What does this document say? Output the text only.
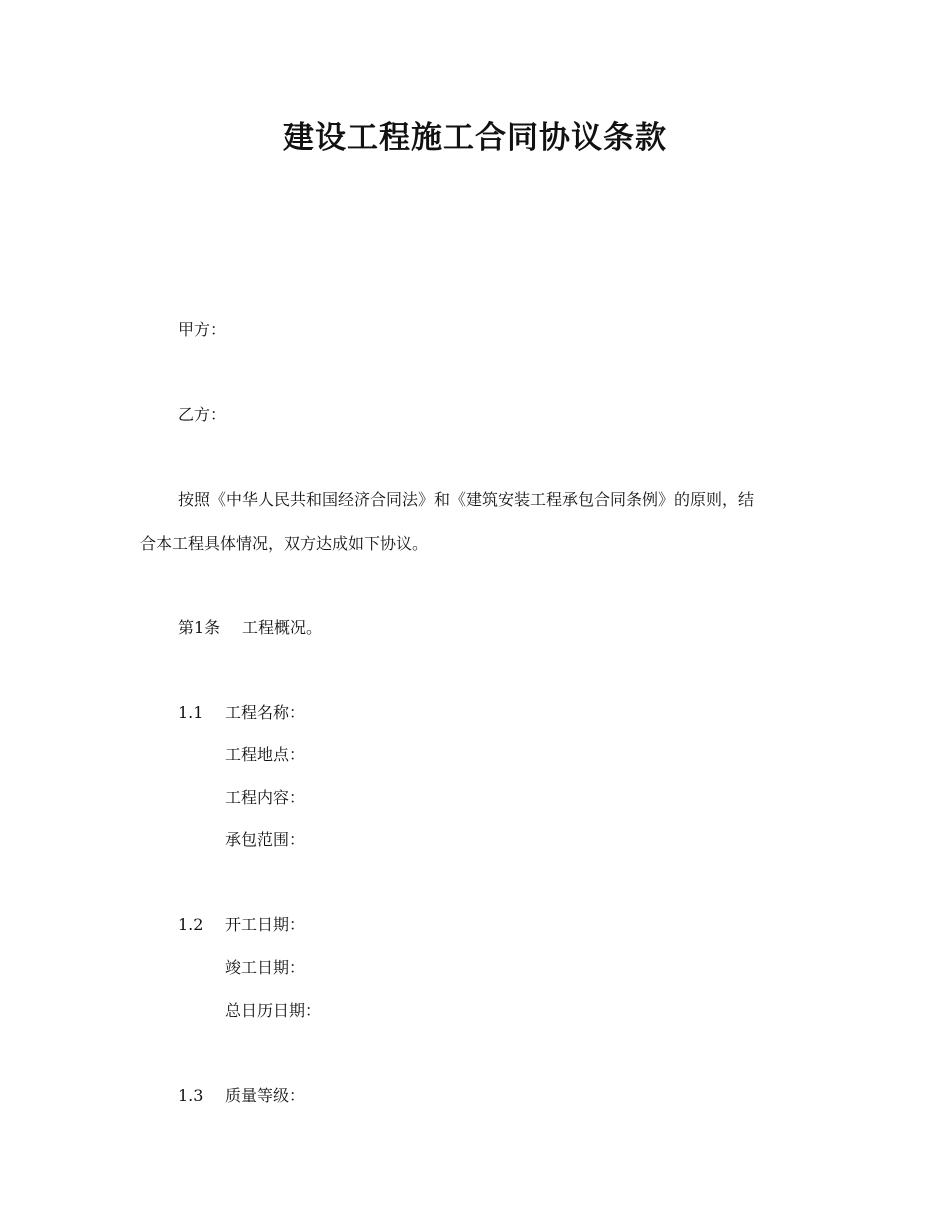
建设工程施工合同协议条款
甲方：
乙方：
按照《中华人民共和国经济合同法》和《建筑安装工程承包合同条例》的原则，结
合本工程具体情况，双方达成如下协议。
第1条 工程概况。
1.1 工程名称：
工程地点：
工程内容：
承包范围：
1.2 开工日期：
竣工日期：
总日历日期：
1.3 质量等级：
